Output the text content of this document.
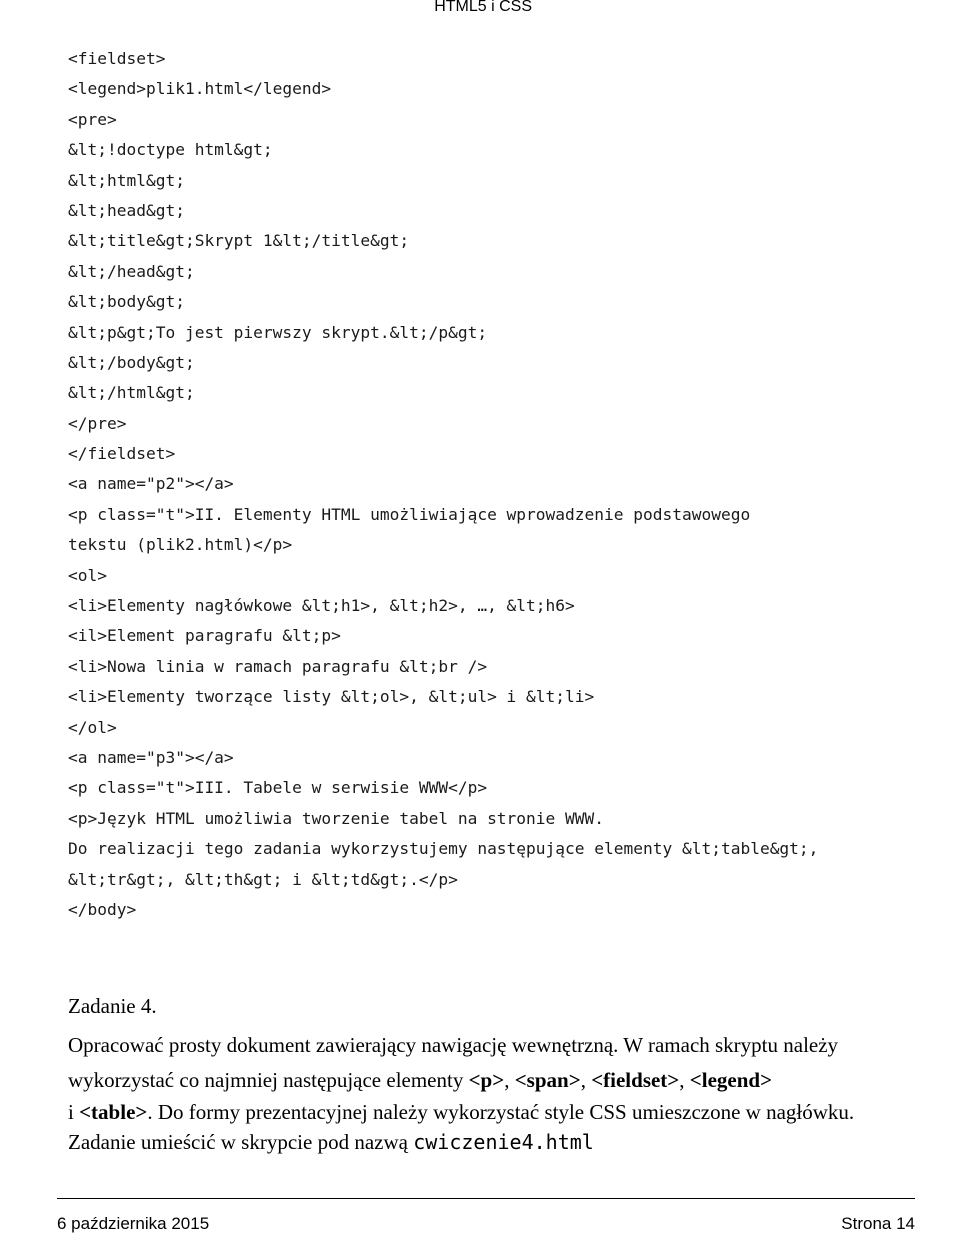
HTML5 i CSS
<fieldset>
<legend>plik1.html</legend>
<pre>
&lt;!doctype html&gt;
&lt;html&gt;
&lt;head&gt;
&lt;title&gt;Skrypt 1&lt;/title&gt;
&lt;/head&gt;
&lt;body&gt;
&lt;p&gt;To jest pierwszy skrypt.&lt;/p&gt;
&lt;/body&gt;
&lt;/html&gt;
</pre>
</fieldset>
<a name="p2"></a>
<p class="t">II. Elementy HTML umożliwiające wprowadzenie podstawowego
tekstu (plik2.html)</p>
<ol>
<li>Elementy nagłówkowe &lt;h1>, &lt;h2>, …, &lt;h6>
<il>Element paragrafu &lt;p>
<li>Nowa linia w ramach paragrafu &lt;br />
<li>Elementy tworzące listy &lt;ol>, &lt;ul> i &lt;li>
</ol>
<a name="p3"></a>
<p class="t">III. Tabele w serwisie WWW</p>
<p>Język HTML umożliwia tworzenie tabel na stronie WWW.
Do realizacji tego zadania wykorzystujemy następujące elementy &lt;table&gt;,
&lt;tr&gt;, &lt;th&gt; i &lt;td&gt;.</p>
</body>
Zadanie 4.
Opracować prosty dokument zawierający nawigację wewnętrzną. W ramach skryptu należy
wykorzystać co najmniej następujące elementy <p>, <span>, <fieldset>, <legend>
i <table>. Do formy prezentacyjnej należy wykorzystać style CSS umieszczone w nagłówku.
Zadanie umieścić w skrypcie pod nazwą cwiczenie4.html
6 października 2015	Strona 14
